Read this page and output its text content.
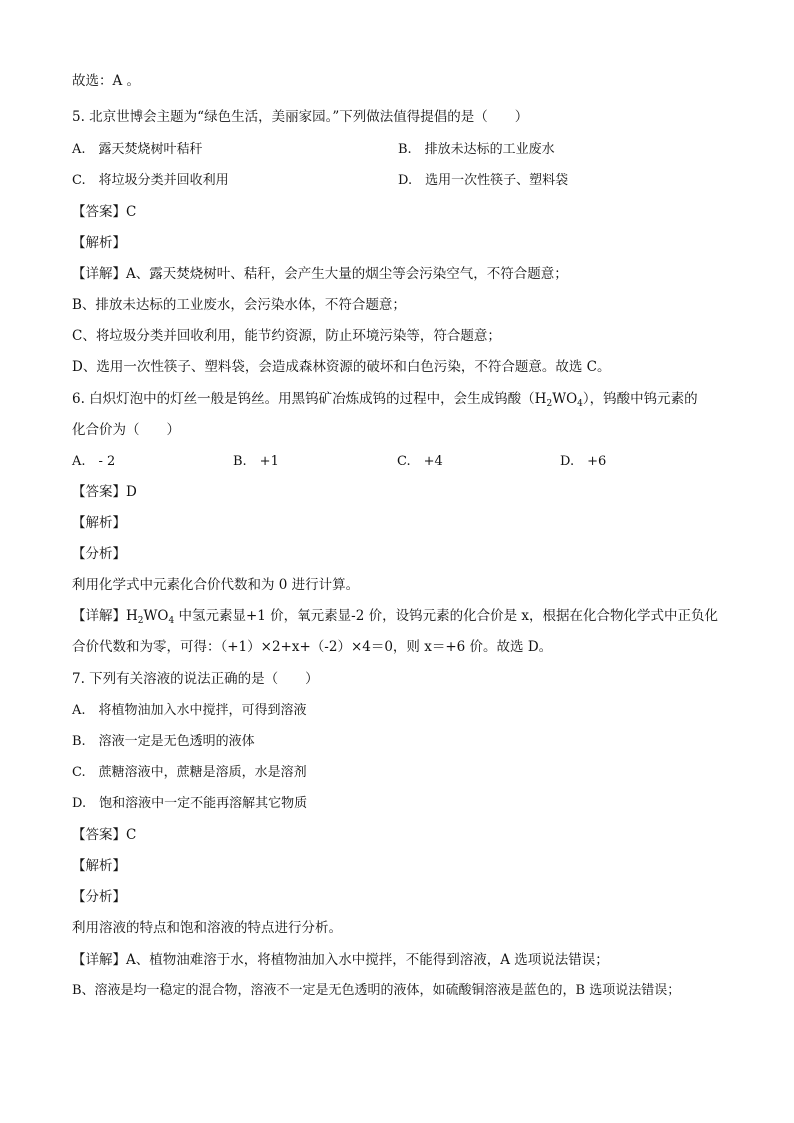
故选：A 。
5. 北京世博会主题为“绿色生活，美丽家园。”下列做法值得提倡的是（　　）
A.　露天焚烧树叶秸秆	B.　排放未达标的工业废水
C.　将垃圾分类并回收利用	D.　选用一次性筷子、塑料袋
【答案】C
【解析】
【详解】A、露天焚烧树叶、秸秆，会产生大量的烟尘等会污染空气，不符合题意；
B、排放未达标的工业废水，会污染水体，不符合题意；
C、将垃圾分类并回收利用，能节约资源，防止环境污染等，符合题意；
D、选用一次性筷子、塑料袋，会造成森林资源的破坏和白色污染，不符合题意。故选 C。
6. 白炽灯泡中的灯丝一般是钨丝。用黑钨矿冶炼成钨的过程中，会生成钨酸$(H_2WO_4)$，钨酸中钨元素的
化合价为（　　）
A.　- 2	B.　+1	C.　+4	D.　+6
【答案】D
【解析】
【分析】
利用化学式中元素化合价代数和为 0 进行计算。
【详解】$H_2WO_4$ 中氢元素显+1 价，氧元素显-2 价，设钨元素的化合价是 x，根据在化合物化学式中正负化
合价代数和为零，可得：（+1）×2+x+（-2）×4＝0，则 x＝+6 价。故选 D。
7. 下列有关溶液的说法正确的是（　　）
A.　将植物油加入水中搅拌，可得到溶液
B.　溶液一定是无色透明的液体
C.　蔗糖溶液中，蔗糖是溶质，水是溶剂
D.　饱和溶液中一定不能再溶解其它物质
【答案】C
【解析】
【分析】
利用溶液的特点和饱和溶液的特点进行分析。
【详解】A、植物油难溶于水，将植物油加入水中搅拌，不能得到溶液，A 选项说法错误；
B、溶液是均一稳定的混合物，溶液不一定是无色透明的液体，如硫酸铜溶液是蓝色的，B 选项说法错误；
